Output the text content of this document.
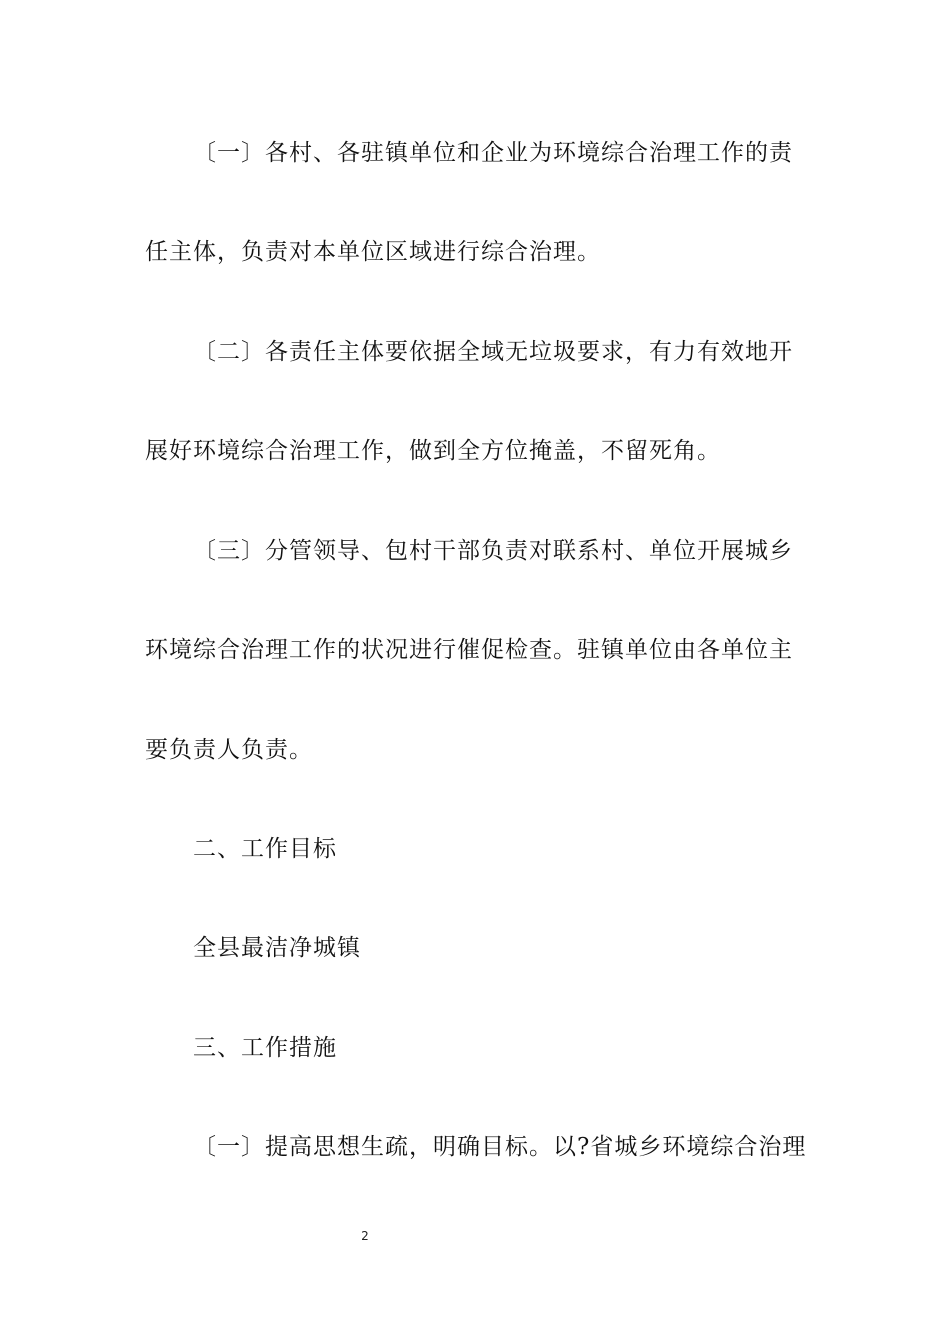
〔一〕各村、各驻镇单位和企业为环境综合治理工作的责
任主体，负责对本单位区域进行综合治理。
〔二〕各责任主体要依据全域无垃圾要求，有力有效地开
展好环境综合治理工作，做到全方位掩盖，不留死角。
〔三〕分管领导、包村干部负责对联系村、单位开展城乡
环境综合治理工作的状况进行催促检查。驻镇单位由各单位主
要负责人负责。
二、工作目标
全县最洁净城镇
三、工作措施
〔一〕提高思想生疏，明确目标。以?省城乡环境综合治理
2
